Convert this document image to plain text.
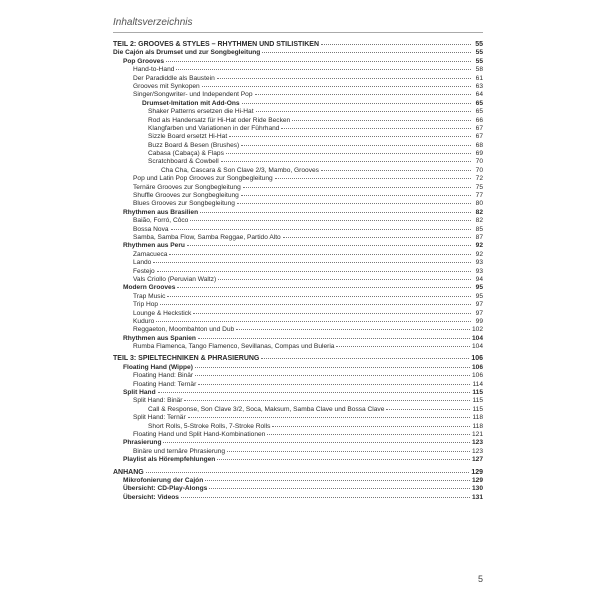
Inhaltsverzeichnis
TEIL 2: GROOVES & STYLES – RHYTHMEN UND STILISTIKEN	55
Die Cajón als Drumset und zur Songbegleitung	55
Pop Grooves	55
Hand-to-Hand	58
Der Paradiddle als Baustein	61
Grooves mit Synkopen	63
Singer/Songwriter- und Independent Pop	64
Drumset-Imitation mit Add-Ons	65
Shaker Patterns ersetzen die Hi-Hat	65
Rod als Handersatz für Hi-Hat oder Ride Becken	66
Klangfarben und Variationen in der Führhand	67
Sizzle Board ersetzt Hi-Hat	67
Buzz Board & Besen (Brushes)	68
Cabasa (Cabaça) & Flaps	69
Scratchboard & Cowbell	70
Cha Cha, Cascara & Son Clave 2/3, Mambo, Grooves	70
Pop und Latin Pop Grooves zur Songbegleitung	72
Ternäre Grooves zur Songbegleitung	75
Shuffle Grooves zur Songbegleitung	77
Blues Grooves zur Songbegleitung	80
Rhythmen aus Brasilien	82
Baião, Forró, Côco	82
Bossa Nova	85
Samba, Samba Flow, Samba Reggae, Partido Alto	87
Rhythmen aus Peru	92
Zamacueca	92
Lando	93
Festejo	93
Vals Criollo (Peruvian Waltz)	94
Modern Grooves	95
Trap Music	95
Trip Hop	97
Lounge & Heckstick	97
Kuduro	99
Reggaeton, Moombahton und Dub	102
Rhythmen aus Spanien	104
Rumba Flamenca, Tango Flamenco, Sevillanas, Compas und Buleria	104
TEIL 3: SPIELTECHNIKEN & PHRASIERUNG	106
Floating Hand (Wippe)	106
Floating Hand: Binär	106
Floating Hand: Ternär	114
Split Hand	115
Split Hand: Binär	115
Call & Response, Son Clave 3/2, Soca, Maksum, Samba Clave und Bossa Clave	115
Split Hand: Ternär	118
Short Rolls, 5-Stroke Rolls, 7-Stroke Rolls	118
Floating Hand und Split Hand-Kombinationen	121
Phrasierung	123
Binäre und ternäre Phrasierung	123
Playlist als Hörempfehlungen	127
ANHANG	129
Mikrofonierung der Cajón	129
Übersicht: CD-Play-Alongs	130
Übersicht: Videos	131
5
